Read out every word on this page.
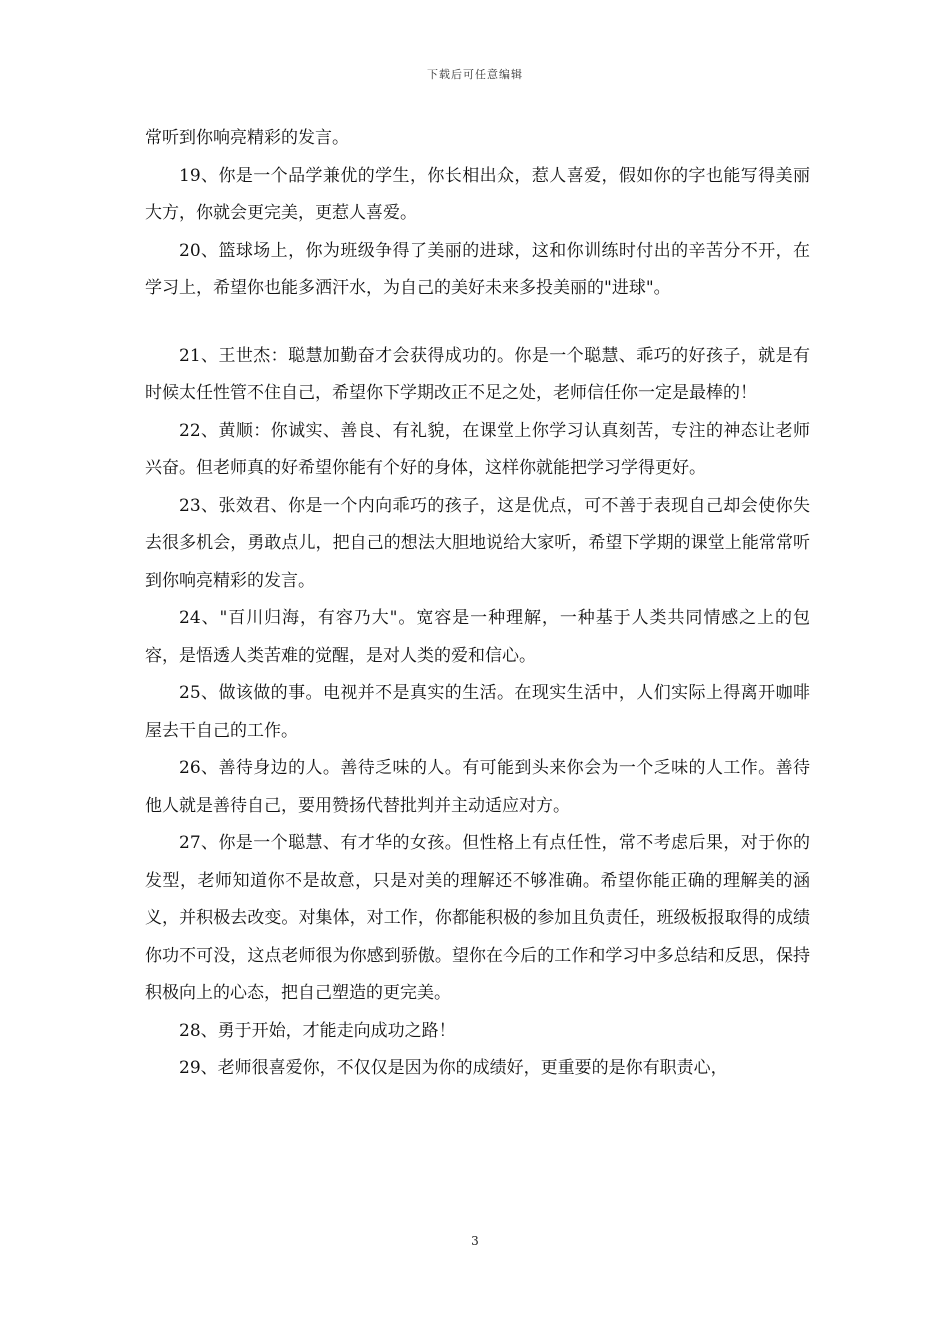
下载后可任意编辑

常听到你响亮精彩的发言。

19、你是一个品学兼优的学生，你长相出众，惹人喜爱，假如你的字也能写得美丽大方，你就会更完美，更惹人喜爱。

20、篮球场上，你为班级争得了美丽的进球，这和你训练时付出的辛苦分不开，在学习上，希望你也能多洒汗水，为自己的美好未来多投美丽的"进球"。

21、王世杰：聪慧加勤奋才会获得成功的。你是一个聪慧、乖巧的好孩子，就是有时候太任性管不住自己，希望你下学期改正不足之处，老师信任你一定是最棒的！

22、黄顺：你诚实、善良、有礼貌，在课堂上你学习认真刻苦，专注的神态让老师兴奋。但老师真的好希望你能有个好的身体，这样你就能把学习学得更好。

23、张效君、你是一个内向乖巧的孩子，这是优点，可不善于表现自己却会使你失去很多机会，勇敢点儿，把自己的想法大胆地说给大家听，希望下学期的课堂上能常常听到你响亮精彩的发言。

24、"百川归海，有容乃大"。宽容是一种理解，一种基于人类共同情感之上的包容，是悟透人类苦难的觉醒，是对人类的爱和信心。

25、做该做的事。电视并不是真实的生活。在现实生活中，人们实际上得离开咖啡屋去干自己的工作。

26、善待身边的人。善待乏味的人。有可能到头来你会为一个乏味的人工作。善待他人就是善待自己，要用赞扬代替批判并主动适应对方。

27、你是一个聪慧、有才华的女孩。但性格上有点任性，常不考虑后果，对于你的发型，老师知道你不是故意，只是对美的理解还不够准确。希望你能正确的理解美的涵义，并积极去改变。对集体，对工作，你都能积极的参加且负责任，班级板报取得的成绩你功不可没，这点老师很为你感到骄傲。望你在今后的工作和学习中多总结和反思，保持积极向上的心态，把自己塑造的更完美。

28、勇于开始，才能走向成功之路！

29、老师很喜爱你，不仅仅是因为你的成绩好，更重要的是你有职责心，

3
